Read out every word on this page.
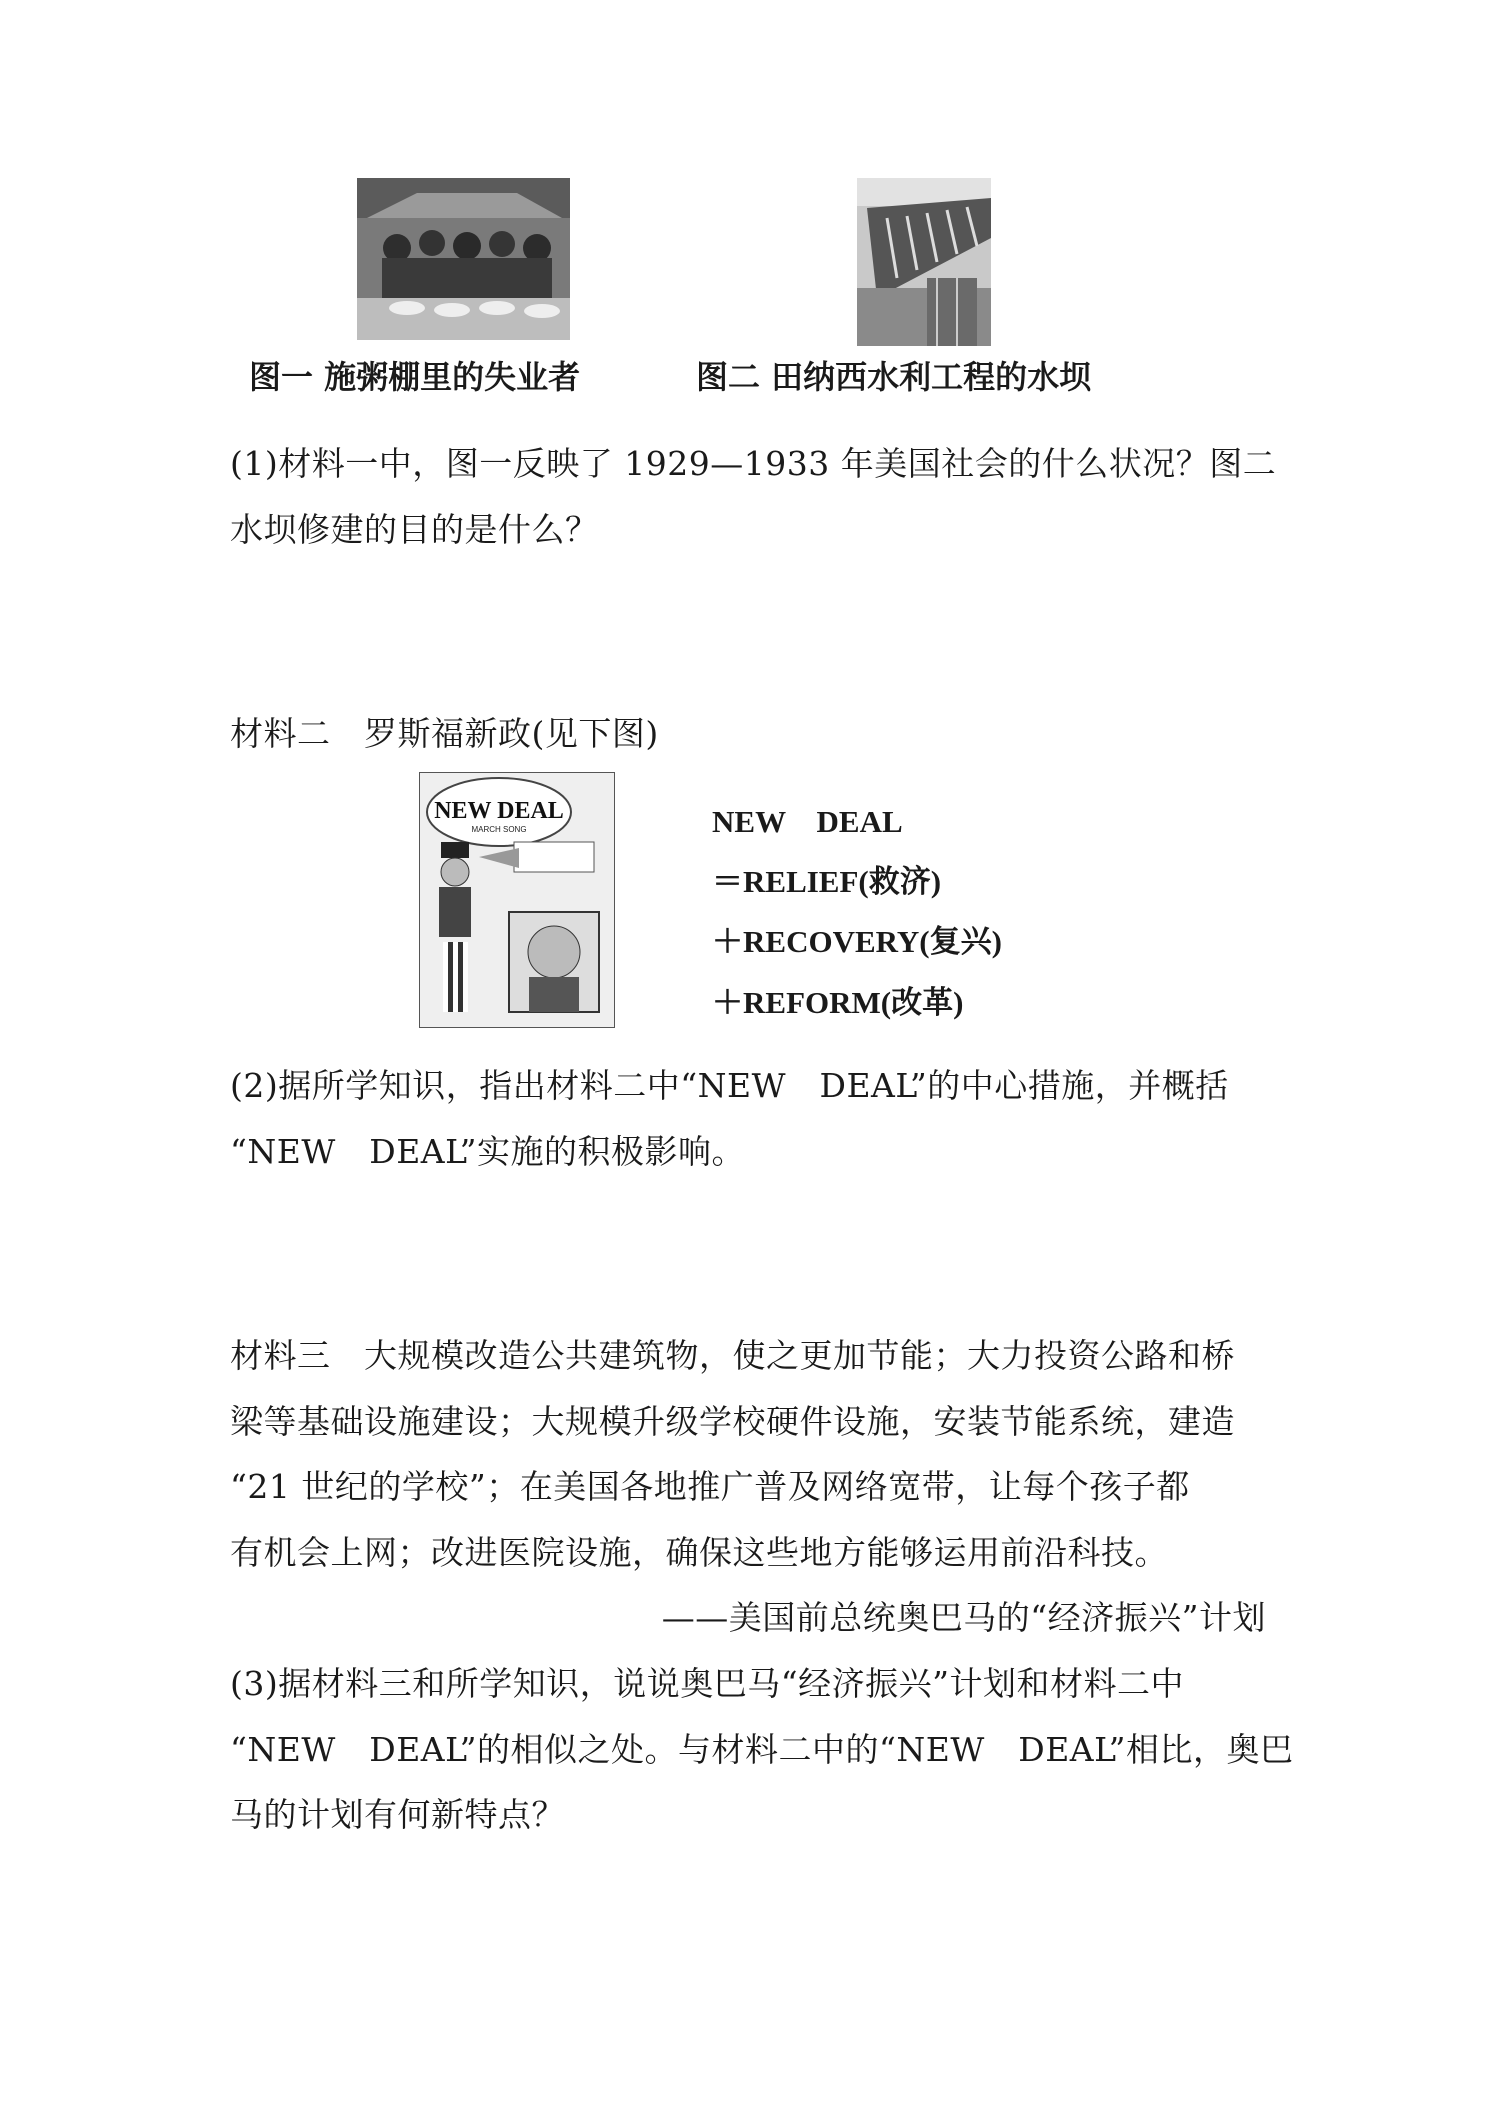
图一 施粥棚里的失业者	图二 田纳西水利工程的水坝
(1)材料一中，图一反映了 1929—1933 年美国社会的什么状况？图二
水坝修建的目的是什么？
材料二　罗斯福新政(见下图)
NEW DEAL
MARCH SONG	NEW　DEAL
＝RELIEF(救济)
＋RECOVERY(复兴)
＋REFORM(改革)
(2)据所学知识，指出材料二中“NEW　DEAL”的中心措施，并概括
“NEW　DEAL”实施的积极影响。
材料三　大规模改造公共建筑物，使之更加节能；大力投资公路和桥
梁等基础设施建设；大规模升级学校硬件设施，安装节能系统，建造
“21 世纪的学校”；在美国各地推广普及网络宽带，让每个孩子都
有机会上网；改进医院设施，确保这些地方能够运用前沿科技。
——美国前总统奥巴马的“经济振兴”计划
(3)据材料三和所学知识，说说奥巴马“经济振兴”计划和材料二中
“NEW　DEAL”的相似之处。与材料二中的“NEW　DEAL”相比，奥巴
马的计划有何新特点？
